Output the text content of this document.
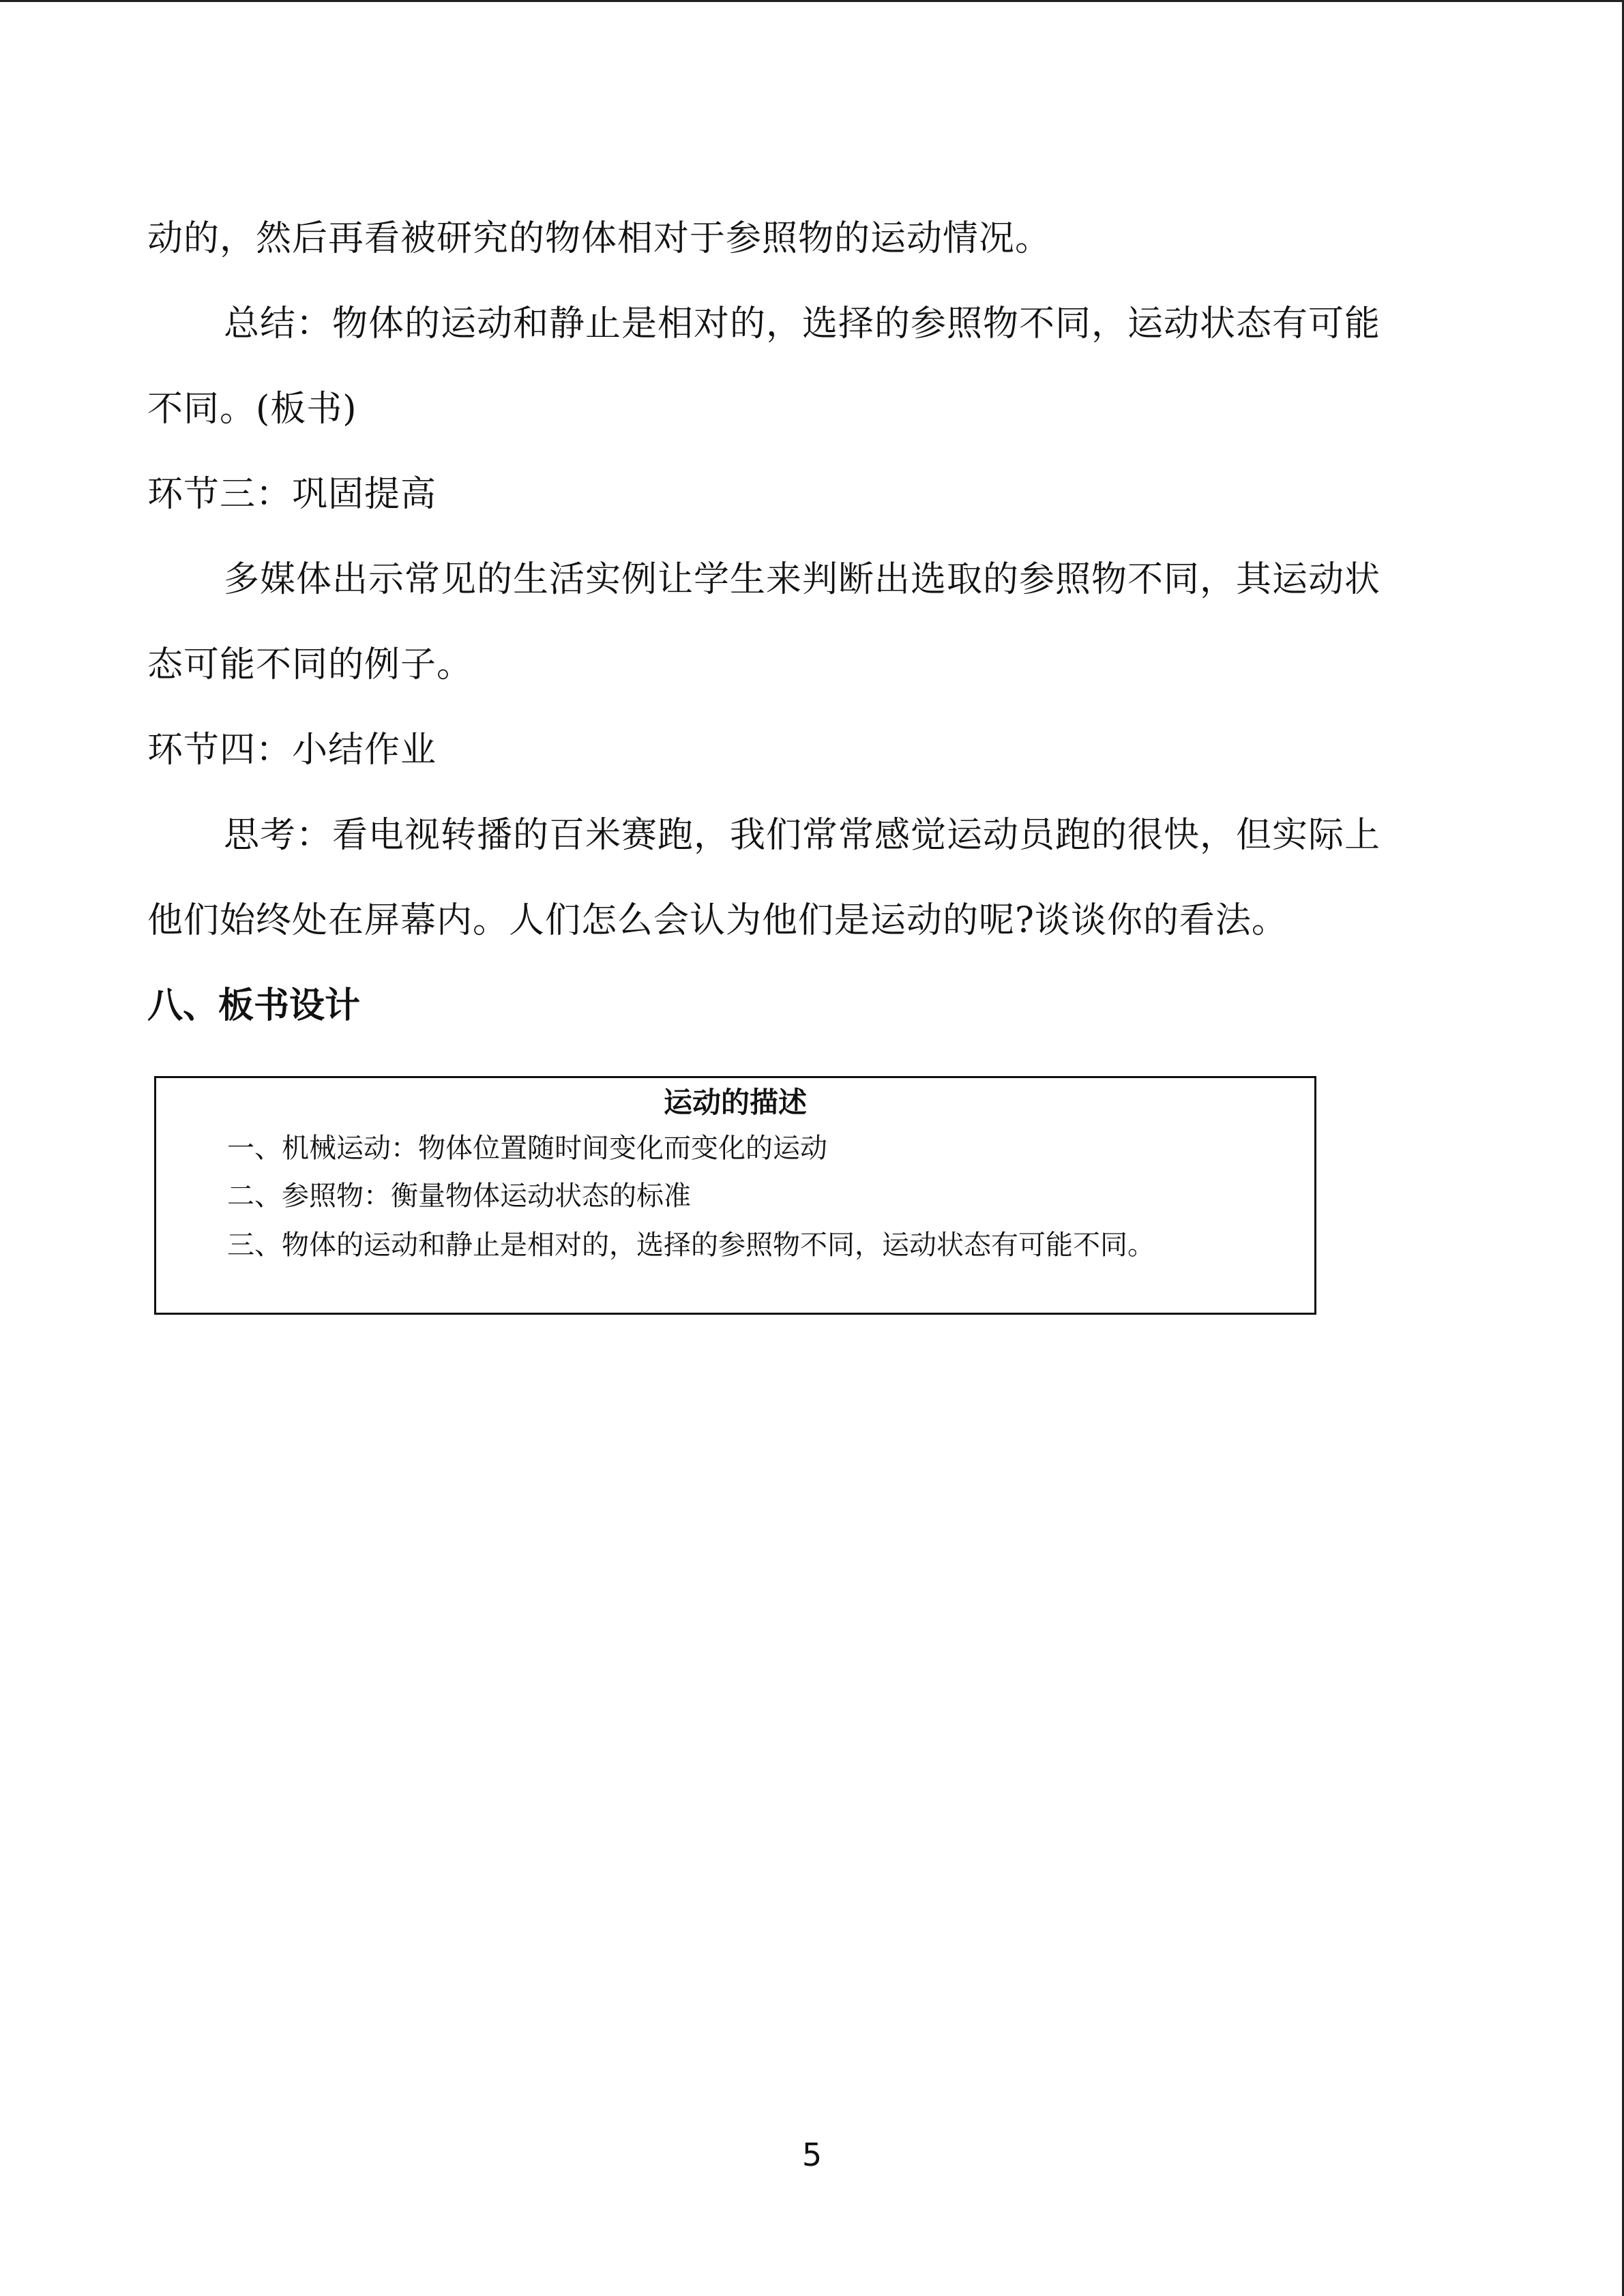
动的，然后再看被研究的物体相对于参照物的运动情况。
总结：物体的运动和静止是相对的，选择的参照物不同，运动状态有可能
不同。(板书)
环节三：巩固提高
多媒体出示常见的生活实例让学生来判断出选取的参照物不同，其运动状
态可能不同的例子。
环节四：小结作业
思考：看电视转播的百米赛跑，我们常常感觉运动员跑的很快，但实际上
他们始终处在屏幕内。人们怎么会认为他们是运动的呢?谈谈你的看法。
八、板书设计
运动的描述
一、机械运动：物体位置随时间变化而变化的运动
二、参照物：衡量物体运动状态的标准
三、物体的运动和静止是相对的，选择的参照物不同，运动状态有可能不同。
5
